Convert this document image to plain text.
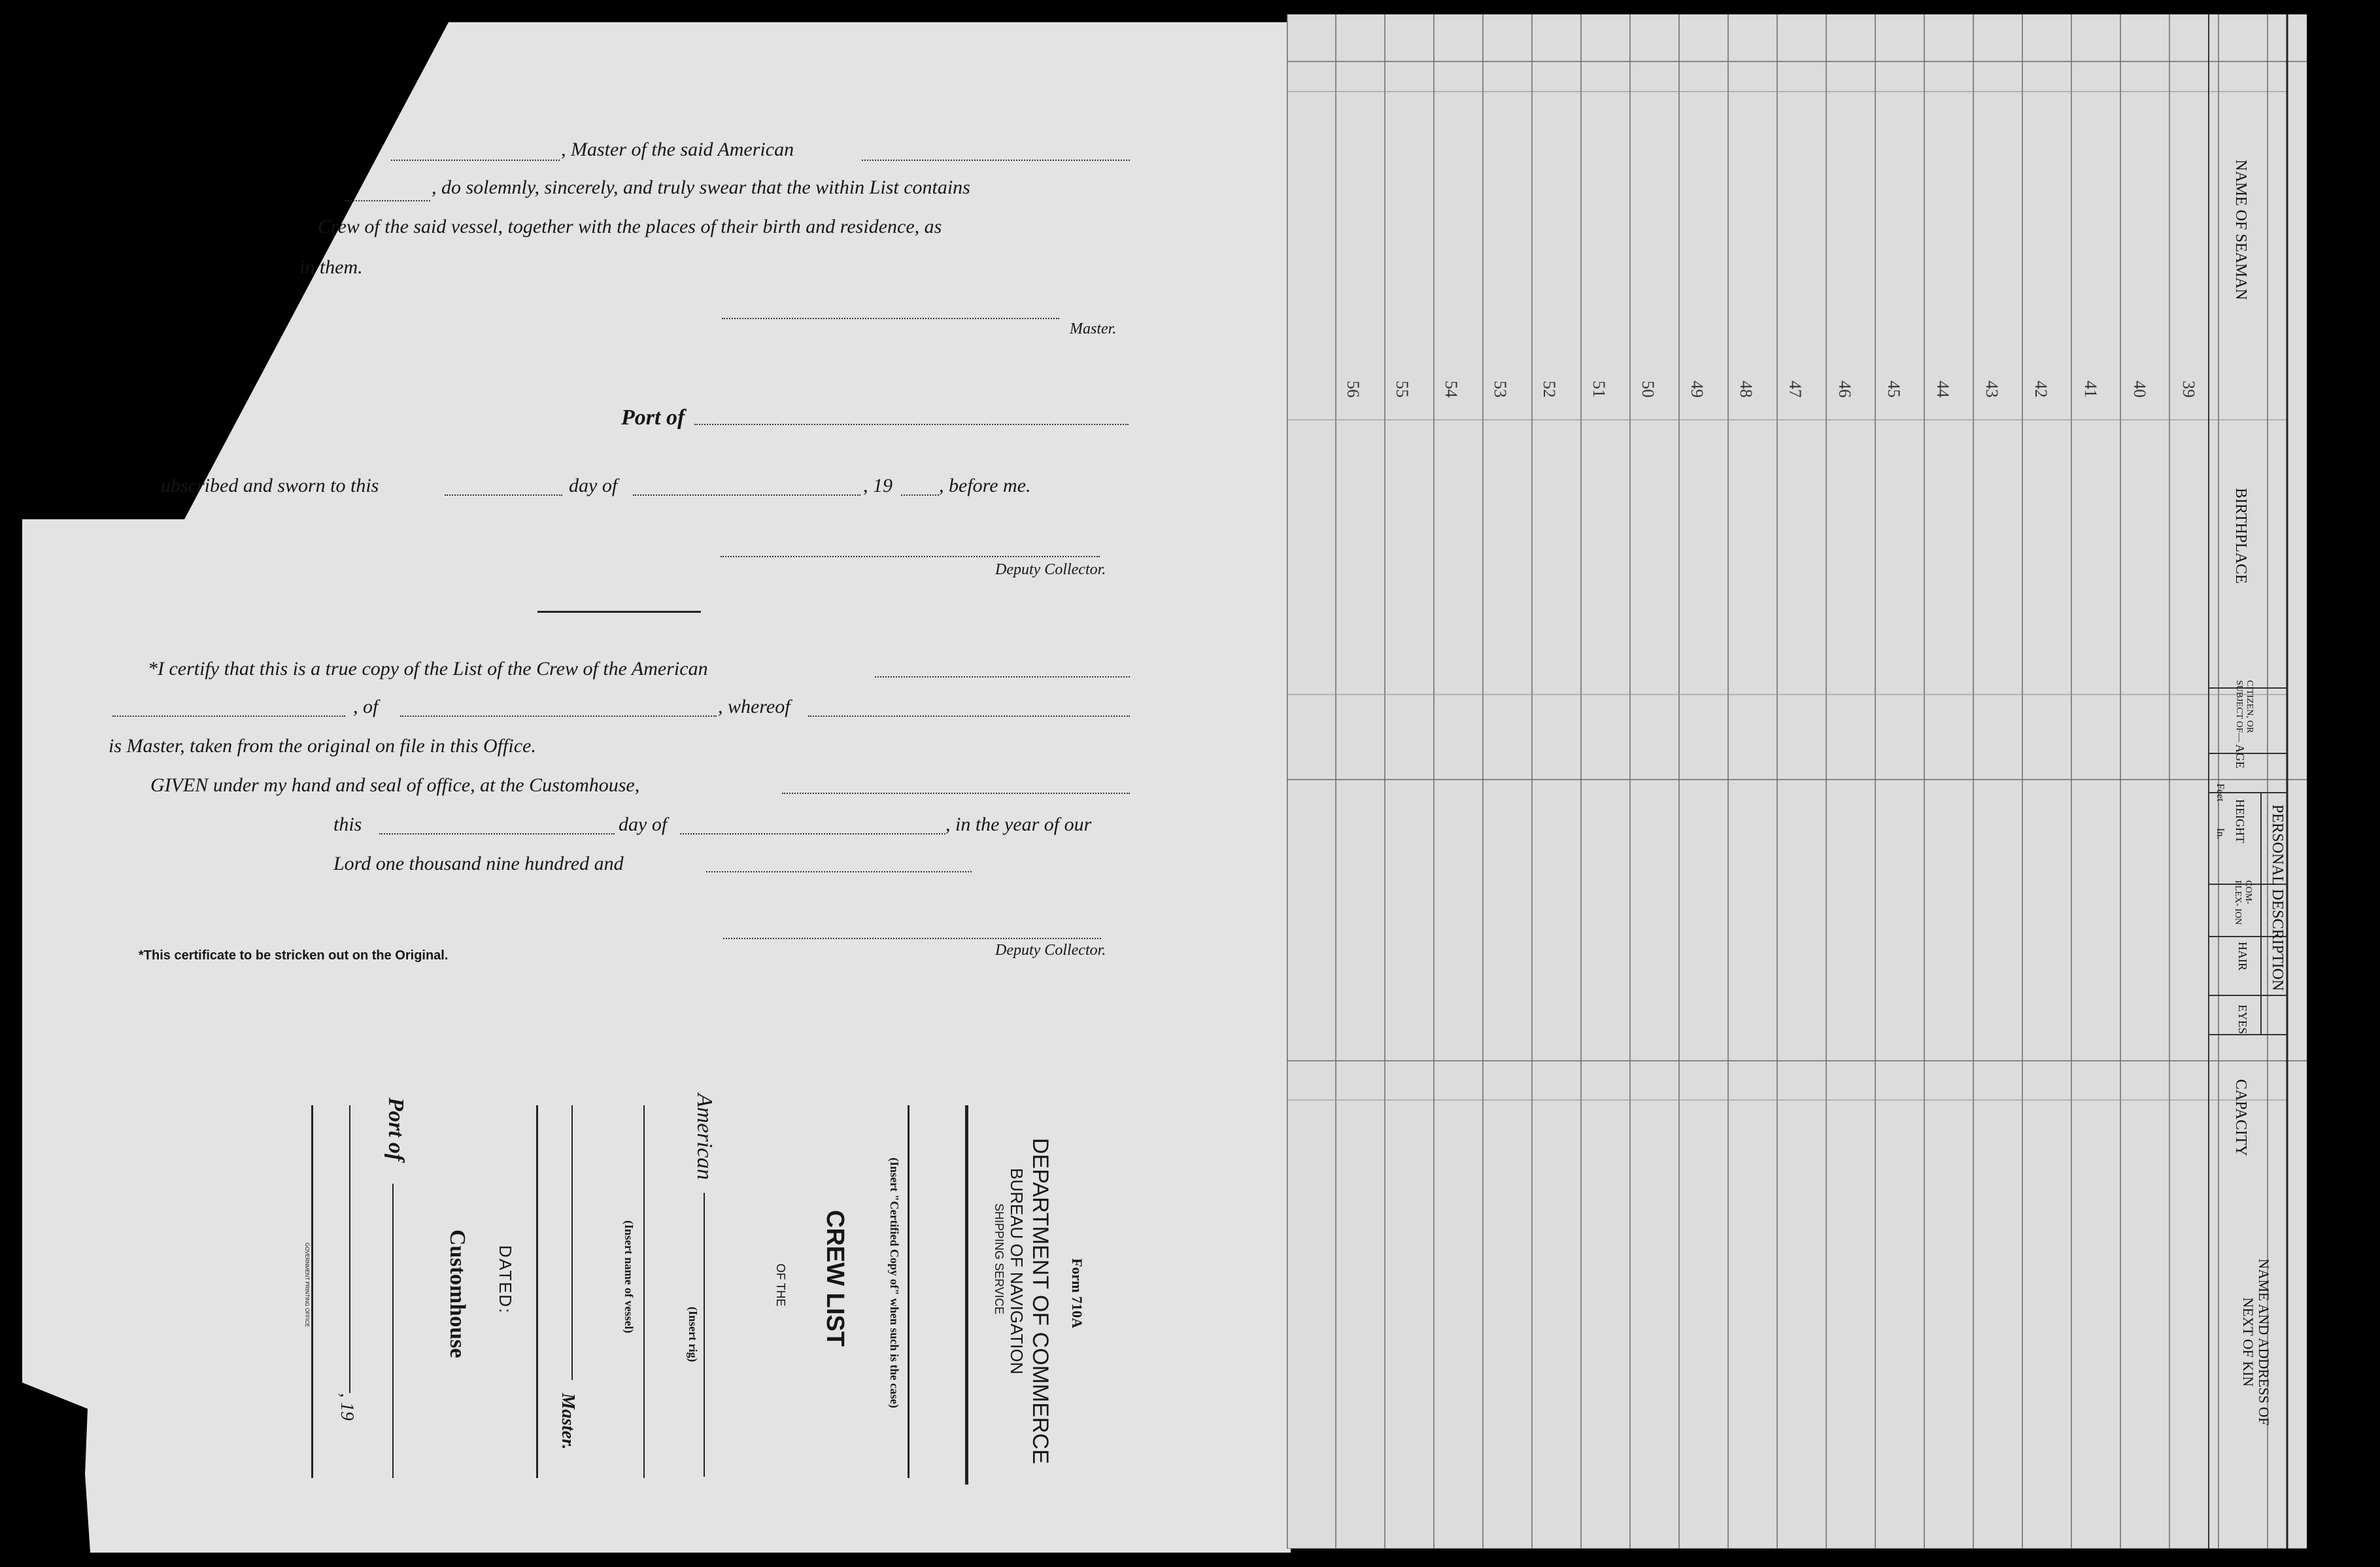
, Master of the said American
, do solemnly, sincerely, and truly swear that the within List contains
Crew of the said vessel, together with the places of their birth and residence, as
in them.
Master.
Port of
ubscribed and sworn to this	day of	, 19 , before me.
Deputy Collector.
*I certify that this is a true copy of the List of the Crew of the American
, of	, whereof
is Master, taken from the original on file in this Office.
GIVEN under my hand and seal of office, at the Customhouse,
this	day of	, in the year of our
Lord one thousand nine hundred and
Deputy Collector.
*This certificate to be stricken out on the Original.
Form 710A
DEPARTMENT OF COMMERCE
BUREAU OF NAVIGATION
SHIPPING SERVICE
(Insert "Certified Copy of" when such is the case)
CREW LIST
OF THE
American
(Insert rig)
(Insert name of vessel)
Master.
DATED:
Customhouse
Port of
, 19
GOVERNMENT PRINTING OFFICE
NAME OF SEAMAN
BIRTHPLACE
CITIZEN, OR SUBJECT OF—
AGE
PERSONAL DESCRIPTION
HEIGHT
Feet
In.
COM- PLEX- ION
HAIR
EYES
CAPACITY
NAME AND ADDRESS OF NEXT OF KIN
39
40
41
42
43
44
45
46
47
48
49
50
51
52
53
54
55
56
